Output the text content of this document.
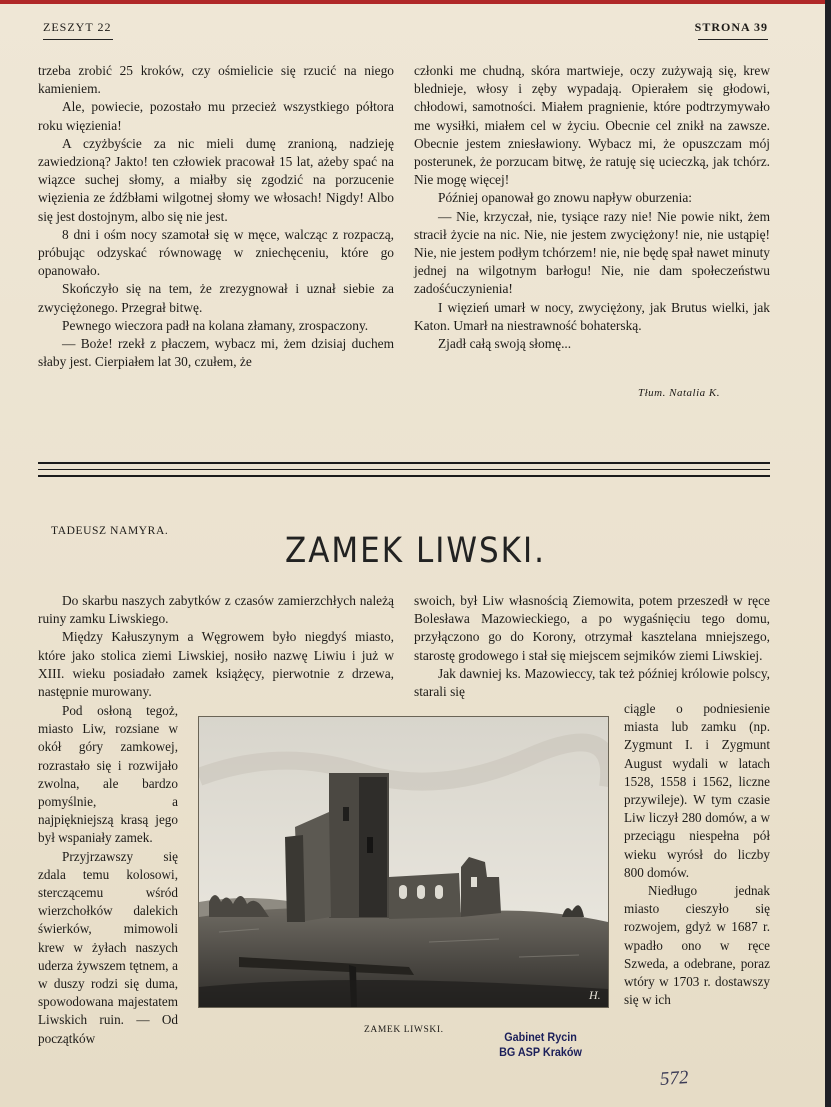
ZESZYT 22	STRONA 39

trzeba zrobić 25 kroków, czy ośmielicie się rzucić na niego kamieniem.

Ale, powiecie, pozostało mu przecież wszystkiego półtora roku więzienia!

A czyżbyście za nic mieli dumę zranioną, nadzieję zawiedzioną? Jakto! ten człowiek pracował 15 lat, ażeby spać na wiązce suchej słomy, a miałby się zgodzić na porzucenie więzienia ze źdźbłami wilgotnej słomy we włosach! Nigdy! Albo się jest dostojnym, albo się nie jest.

8 dni i ośm nocy szamotał się w męce, walcząc z rozpaczą, próbując odzyskać równowagę w zniechęceniu, które go opanowało.

Skończyło się na tem, że zrezygnował i uznał siebie za zwyciężonego. Przegrał bitwę.

Pewnego wieczora padł na kolana złamany, zrospaczony.

— Boże! rzekł z płaczem, wybacz mi, żem dzisiaj duchem słaby jest. Cierpiałem lat 30, czułem, że

członki me chudną, skóra martwieje, oczy zużywają się, krew blednieje, włosy i zęby wypadają. Opierałem się głodowi, chłodowi, samotności. Miałem pragnienie, które podtrzymywało me wysiłki, miałem cel w życiu. Obecnie cel znikł na zawsze. Obecnie jestem zniesławiony. Wybacz mi, że opuszczam mój posterunek, że porzucam bitwę, że ratuję się ucieczką, jak tchórz. Nie mogę więcej!

Później opanował go znowu napływ oburzenia:

— Nie, krzyczał, nie, tysiące razy nie! Nie powie nikt, żem stracił życie na nic. Nie, nie jestem zwyciężony! nie, nie ustąpię! Nie, nie jestem podłym tchórzem! nie, nie będę spał nawet minuty jednej na wilgotnym barłogu! Nie, nie dam społeczeństwu zadośćuczynienia!

I więzień umarł w nocy, zwyciężony, jak Brutus wielki, jak Katon. Umarł na niestrawność bohaterską.

Zjadł całą swoją słomę...

Tłum. Natalia K.
TADEUSZ NAMYRA.	ZAMEK LIWSKI.

Do skarbu naszych zabytków z czasów zamierzchłych należą ruiny zamku Liwskiego.

Między Kałuszynym a Węgrowem było niegdyś miasto, które jako stolica ziemi Liwskiej, nosiło nazwę Liwiu i już w XIII. wieku posiadało zamek książęcy, pierwotnie z drzewa, następnie murowany.

Pod osłoną tegoż, miasto Liw, rozsiane w okół góry zamkowej, rozrastało się i rozwijało zwolna, ale bardzo pomyślnie, a najpiękniejszą krasą jego był wspaniały zamek.

Przyjrzawszy się zdala temu kolosowi, sterczącemu wśród wierzchołków dalekich świerków, mimowoli krew w żyłach naszych uderza żywszem tętnem, a w duszy rodzi się duma, spowodowana majestatem Liwskich ruin. — Od początków

swoich, był Liw własnością Ziemowita, potem przeszedł w ręce Bolesława Mazowieckiego, a po wygaśnięciu tego domu, przyłączono go do Korony, otrzymał kasztelana mniejszego, starostę grodowego i stał się miejscem sejmików ziemi Liwskiej.

Jak dawniej ks. Mazowieccy, tak też później królowie polscy, starali się

ciągle o podniesienie miasta lub zamku (np. Zygmunt I. i Zygmunt August wydali w latach 1528, 1558 i 1562, liczne przywileje). W tym czasie Liw liczył 280 domów, a w przeciągu niespełna pół wieku wyrósł do liczby 800 domów.

Niedługo jednak miasto cieszyło się rozwojem, gdyż w 1687 r. wpadło ono w ręce Szweda, a odebrane, poraz wtóry w 1703 r. dostawszy się w ich

H.
ZAMEK LIWSKI.	Gabinet Rycin
BG ASP Kraków
572
